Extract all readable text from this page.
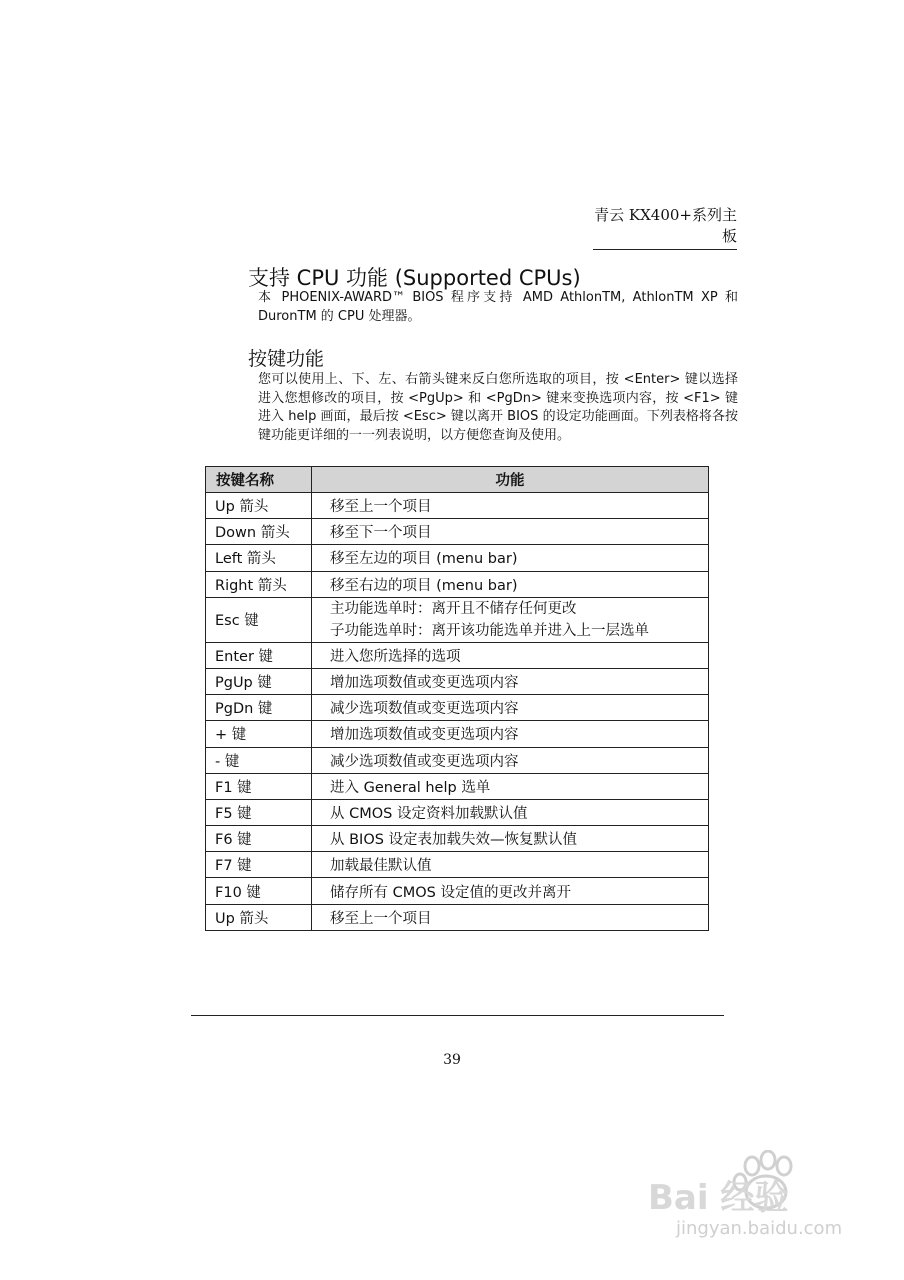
青云 KX400+系列主板
支持 CPU 功能 (Supported CPUs)
本 PHOENIX-AWARD™ BIOS 程序支持 AMD AthlonTM, AthlonTM XP 和 DuronTM 的 CPU 处理器。
按键功能
您可以使用上、下、左、右箭头键来反白您所选取的项目，按 <Enter> 键以选择进入您想修改的项目，按 <PgUp> 和 <PgDn> 键来变换选项内容，按 <F1> 键进入 help 画面，最后按 <Esc> 键以离开 BIOS 的设定功能画面。下列表格将各按键功能更详细的一一列表说明，以方便您查询及使用。
按键名称	功能
Up 箭头	移至上一个项目
Down 箭头	移至下一个项目
Left 箭头	移至左边的项目 (menu bar)
Right 箭头	移至右边的项目 (menu bar)
Esc 键	主功能选单时：离开且不储存任何更改
子功能选单时：离开该功能选单并进入上一层选单

Enter 键	进入您所选择的选项
PgUp 键	增加选项数值或变更选项内容
PgDn 键	减少选项数值或变更选项内容
+ 键	增加选项数值或变更选项内容
- 键	减少选项数值或变更选项内容
F1 键	进入 General help 选单
F5 键	从 CMOS 设定资料加载默认值
F6 键	从 BIOS 设定表加载失效—恢复默认值
F7 键	加载最佳默认值
F10 键	储存所有 CMOS 设定值的更改并离开
Up 箭头	移至上一个项目
39
Bai 经验
jingyan.baidu.com
